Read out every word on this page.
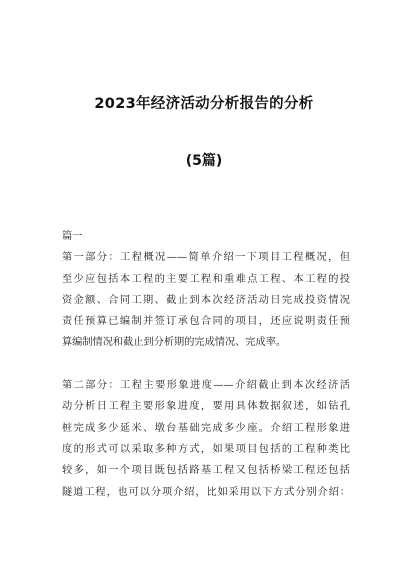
2023年经济活动分析报告的分析
(5篇)
篇一
第一部分：工程概况——简单介绍一下项目工程概况，但
至少应包括本工程的主要工程和重难点工程、本工程的投
资金额、合同工期、截止到本次经济活动日完成投资情况
责任预算已编制并签订承包合同的项目，还应说明责任预
算编制情况和截止到分析期的完成情况、完成率。
第二部分：工程主要形象进度——介绍截止到本次经济活
动分析日工程主要形象进度，要用具体数据叙述，如钻孔
桩完成多少延米、墩台基础完成多少座。介绍工程形象进
度的形式可以采取多种方式，如果项目包括的工程种类比
较多，如一个项目既包括路基工程又包括桥梁工程还包括
隧道工程，也可以分项介绍，比如采用以下方式分别介绍：
